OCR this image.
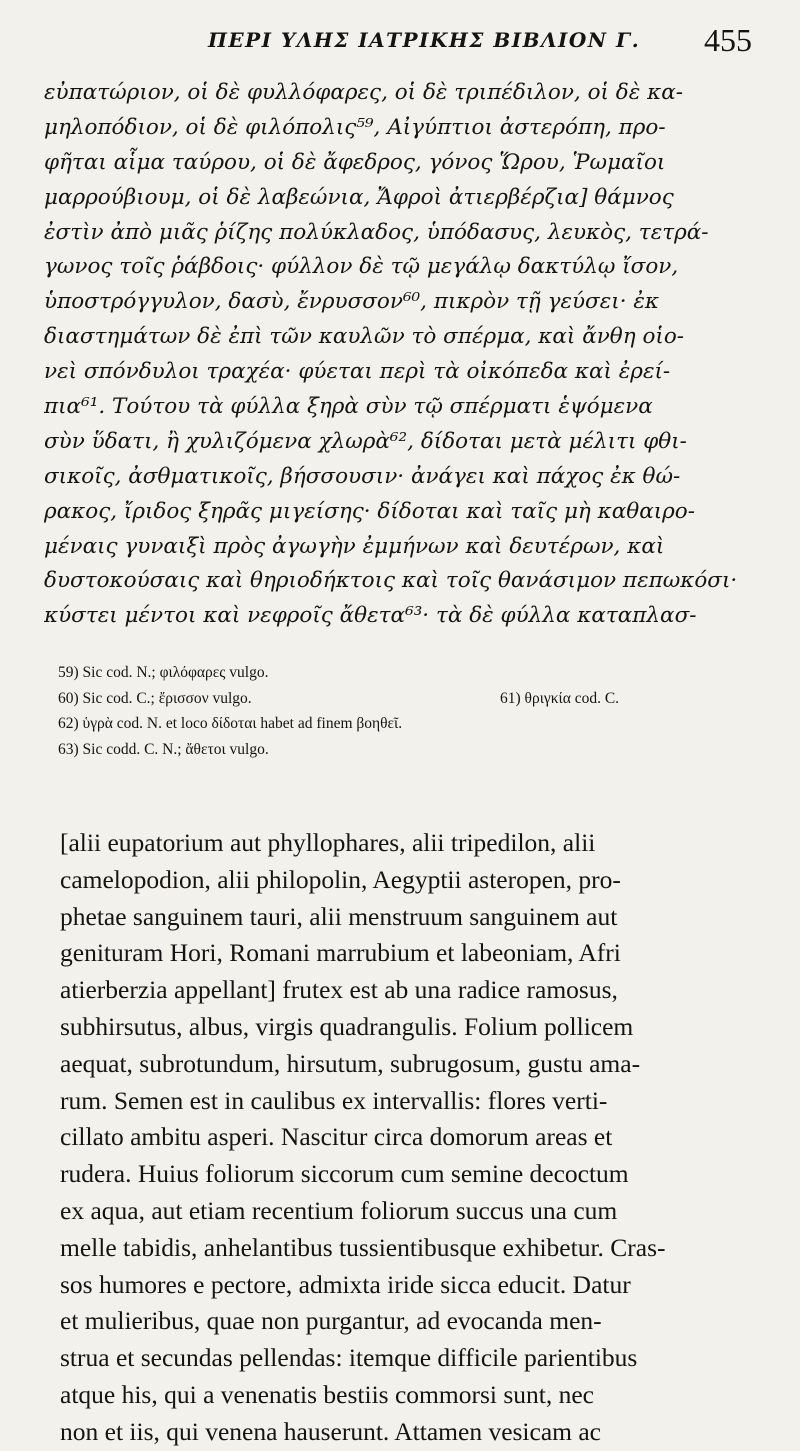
ΠΕΡΙ ΥΛΗΣ ΙΑΤΡΙΚΗΣ ΒΙΒΛΙΟΝ Γ. 455
εὐπατώριον, οἱ δὲ φυλλόφαρες, οἱ δὲ τριπέδιλον, οἱ δὲ κα-
μηλοπόδιον, οἱ δὲ φιλόπολις⁵⁹, Αἰγύπτιοι ἀστερόπη, προ-
φῆται αἷμα ταύρου, οἱ δὲ ἄφεδρος, γόνος Ὥρου, Ῥωμαῖοι
μαρρούβιουμ, οἱ δὲ λαβεώνια, Ἄφροὶ ἀτιερβέρζια] θάμνος
ἐστὶν ἀπὸ μιᾶς ῥίζης πολύκλαδος, ὑπόδασυς, λευκὸς, τετρά-
γωνος τοῖς ῥάβδοις· φύλλον δὲ τῷ μεγάλῳ δακτύλῳ ἴσον,
ὑποστρόγγυλον, δασὺ, ἔνρυσσον⁶⁰, πικρὸν τῇ γεύσει· ἐκ
διαστημάτων δὲ ἐπὶ τῶν καυλῶν τὸ σπέρμα, καὶ ἄνθη οἱο-
νεὶ σπόνδυλοι τραχέα· φύεται περὶ τὰ οἰκόπεδα καὶ ἐρεί-
πια⁶¹. Τούτου τὰ φύλλα ξηρὰ σὺν τῷ σπέρματι ἑψόμενα
σὺν ὕδατι, ἢ χυλιζόμενα χλωρὰ⁶², δίδοται μετὰ μέλιτι φθι-
σικοῖς, ἀσθματικοῖς, βήσσουσιν· ἀνάγει καὶ πάχος ἐκ θώ-
ρακος, ἴριδος ξηρᾶς μιγείσης· δίδοται καὶ ταῖς μὴ καθαιρο-
μέναις γυναιξὶ πρὸς ἀγωγὴν ἐμμήνων καὶ δευτέρων, καὶ
δυστοκούσαις καὶ θηριοδήκτοις καὶ τοῖς θανάσιμον πεπωκόσι·
κύστει μέντοι καὶ νεφροῖς ἄθετα⁶³· τὰ δὲ φύλλα καταπλασ-
59) Sic cod. N.; φιλόφαρες vulgo.
60) Sic cod. C.; ἔρισσον vulgo.	61) θριγκία cod. C.
62) ὑγρὰ cod. N. et loco δίδοται habet ad finem βοηθεῖ.
63) Sic codd. C. N.; ἄθετοι vulgo.
[alii eupatorium aut phyllophares, alii tripedilon, alii
camelopodion, alii philopolin, Aegyptii asteropen, pro-
phetae sanguinem tauri, alii menstruum sanguinem aut
genituram Hori, Romani marrubium et labeoniam, Afri
atierberzia appellant] frutex est ab una radice ramosus,
subhirsutus, albus, virgis quadrangulis. Folium pollicem
aequat, subrotundum, hirsutum, subrugosum, gustu ama-
rum. Semen est in caulibus ex intervallis: flores verti-
cillato ambitu asperi. Nascitur circa domorum areas et
rudera. Huius foliorum siccorum cum semine decoctum
ex aqua, aut etiam recentium foliorum succus una cum
melle tabidis, anhelantibus tussientibusque exhibetur. Cras-
sos humores e pectore, admixta iride sicca educit. Datur
et mulieribus, quae non purgantur, ad evocanda men-
strua et secundas pellendas: itemque difficile parientibus
atque his, qui a venenatis bestiis commorsi sunt, nec
non et iis, qui venena hauserunt. Attamen vesicam ac
